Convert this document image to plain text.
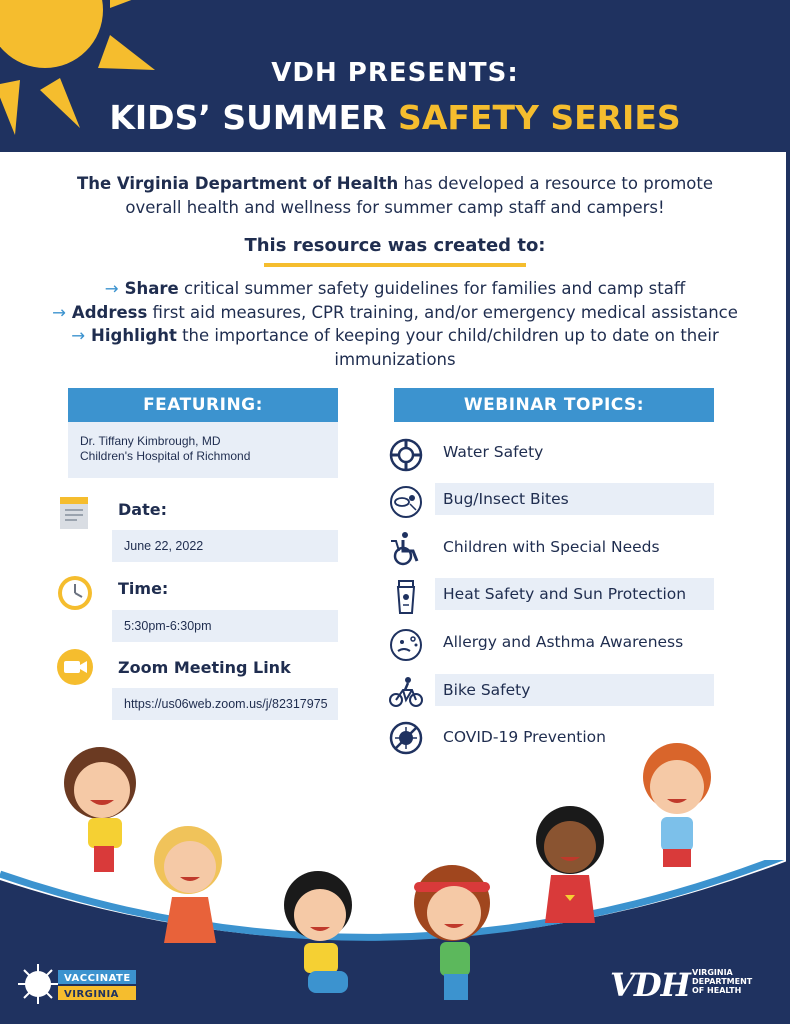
VDH PRESENTS:
KIDS’ SUMMER SAFETY SERIES
The Virginia Department of Health has developed a resource to promote
overall health and wellness for summer camp staff and campers!
This resource was created to:
→ Share critical summer safety guidelines for families and camp staff
→ Address first aid measures, CPR training, and/or emergency medical assistance
→ Highlight the importance of keeping your child/children up to date on their
immunizations
FEATURING:
Dr. Tiffany Kimbrough, MD
Children's Hospital of Richmond
Date:
June 22, 2022
Time:
5:30pm-6:30pm
Zoom Meeting Link
https://us06web.zoom.us/j/82317975
WEBINAR TOPICS:
Water Safety
Bug/Insect Bites
Children with Special Needs
Heat Safety and Sun Protection
Allergy and Asthma Awareness
Bike Safety
COVID-19 Prevention
VACCINATE
VIRGINIA	VDH VIRGINIA
DEPARTMENT
OF HEALTH
